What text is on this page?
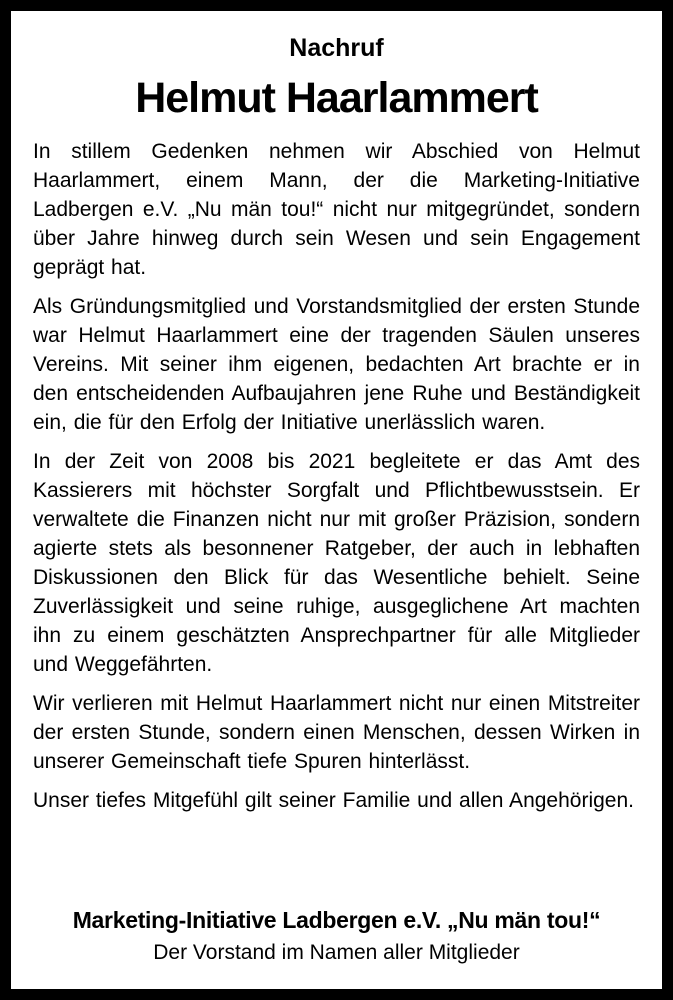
Nachruf
Helmut Haarlammert

In stillem Gedenken nehmen wir Abschied von Helmut Haarlammert, einem Mann, der die Marketing-Initiative Ladbergen e.V. „Nu män tou!“ nicht nur mitgegründet, sondern über Jahre hinweg durch sein Wesen und sein Engagement geprägt hat.

Als Gründungsmitglied und Vorstandsmitglied der ersten Stunde war Helmut Haarlammert eine der tragenden Säulen unseres Vereins. Mit seiner ihm eigenen, bedachten Art brachte er in den entscheidenden Aufbaujahren jene Ruhe und Beständigkeit ein, die für den Erfolg der Initiative unerlässlich waren.

In der Zeit von 2008 bis 2021 begleitete er das Amt des Kassierers mit höchster Sorgfalt und Pflichtbewusstsein. Er verwaltete die Finanzen nicht nur mit großer Präzision, sondern agierte stets als besonnener Ratgeber, der auch in lebhaften Diskussionen den Blick für das Wesentliche behielt. Seine Zuverlässigkeit und seine ruhige, ausgeglichene Art machten ihn zu einem geschätzten Ansprechpartner für alle Mitglieder und Weggefährten.

Wir verlieren mit Helmut Haarlammert nicht nur einen Mitstreiter der ersten Stunde, sondern einen Menschen, dessen Wirken in unserer Gemeinschaft tiefe Spuren hinterlässt.

Unser tiefes Mitgefühl gilt seiner Familie und allen Angehörigen.

Marketing-Initiative Ladbergen e.V. „Nu män tou!“
Der Vorstand im Namen aller Mitglieder
